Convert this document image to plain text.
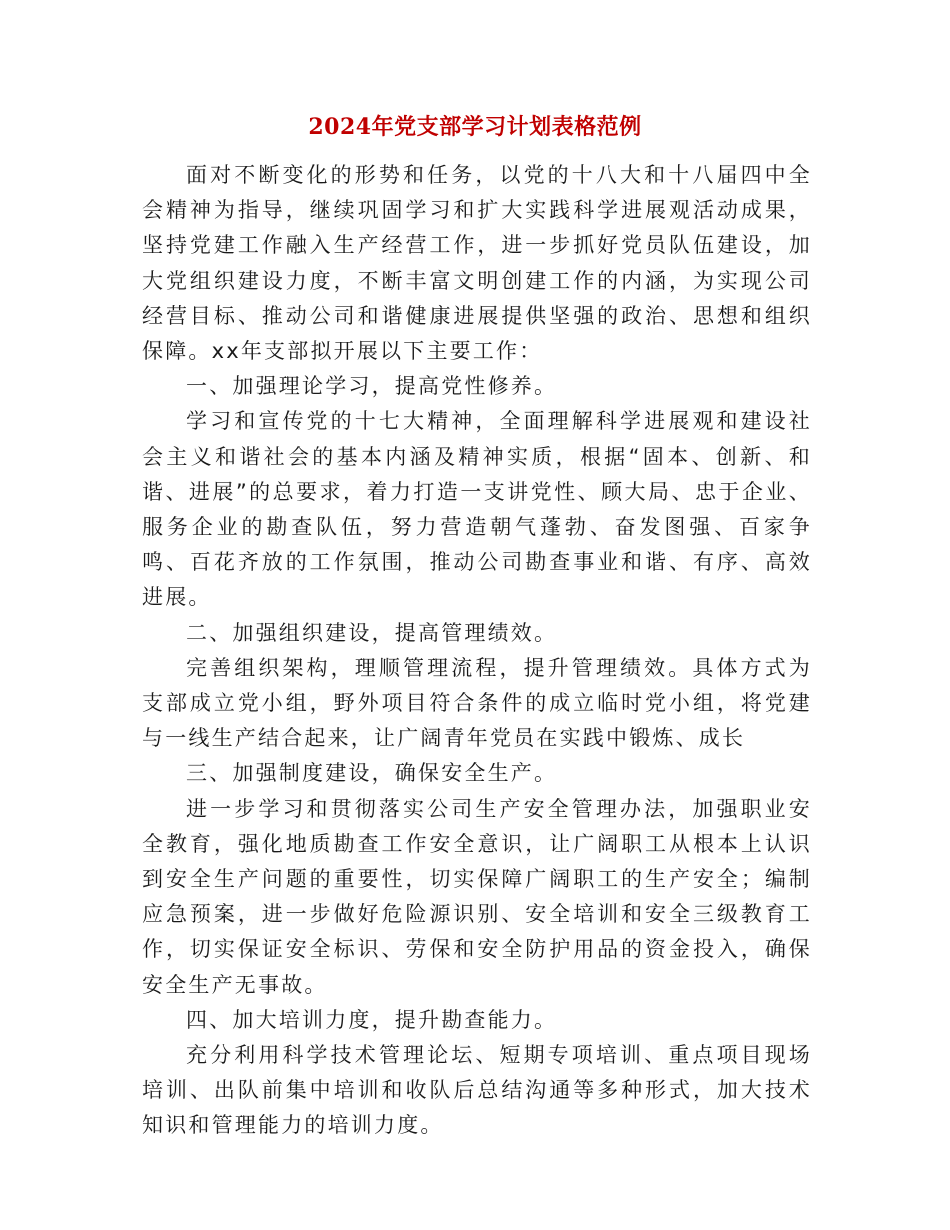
2024年党支部学习计划表格范例

面对不断变化的形势和任务，以党的十八大和十八届四中全会精神为指导，继续巩固学习和扩大实践科学进展观活动成果，坚持党建工作融入生产经营工作，进一步抓好党员队伍建设，加大党组织建设力度，不断丰富文明创建工作的内涵，为实现公司经营目标、推动公司和谐健康进展提供坚强的政治、思想和组织保障。xx年支部拟开展以下主要工作：

一、加强理论学习，提高党性修养。

学习和宣传党的十七大精神，全面理解科学进展观和建设社会主义和谐社会的基本内涵及精神实质，根据“固本、创新、和谐、进展”的总要求，着力打造一支讲党性、顾大局、忠于企业、服务企业的勘查队伍，努力营造朝气蓬勃、奋发图强、百家争鸣、百花齐放的工作氛围，推动公司勘查事业和谐、有序、高效进展。

二、加强组织建设，提高管理绩效。

完善组织架构，理顺管理流程，提升管理绩效。具体方式为支部成立党小组，野外项目符合条件的成立临时党小组，将党建与一线生产结合起来，让广阔青年党员在实践中锻炼、成长

三、加强制度建设，确保安全生产。

进一步学习和贯彻落实公司生产安全管理办法，加强职业安全教育，强化地质勘查工作安全意识，让广阔职工从根本上认识到安全生产问题的重要性，切实保障广阔职工的生产安全；编制应急预案，进一步做好危险源识别、安全培训和安全三级教育工作，切实保证安全标识、劳保和安全防护用品的资金投入，确保安全生产无事故。

四、加大培训力度，提升勘查能力。

充分利用科学技术管理论坛、短期专项培训、重点项目现场培训、出队前集中培训和收队后总结沟通等多种形式，加大技术知识和管理能力的培训力度。
